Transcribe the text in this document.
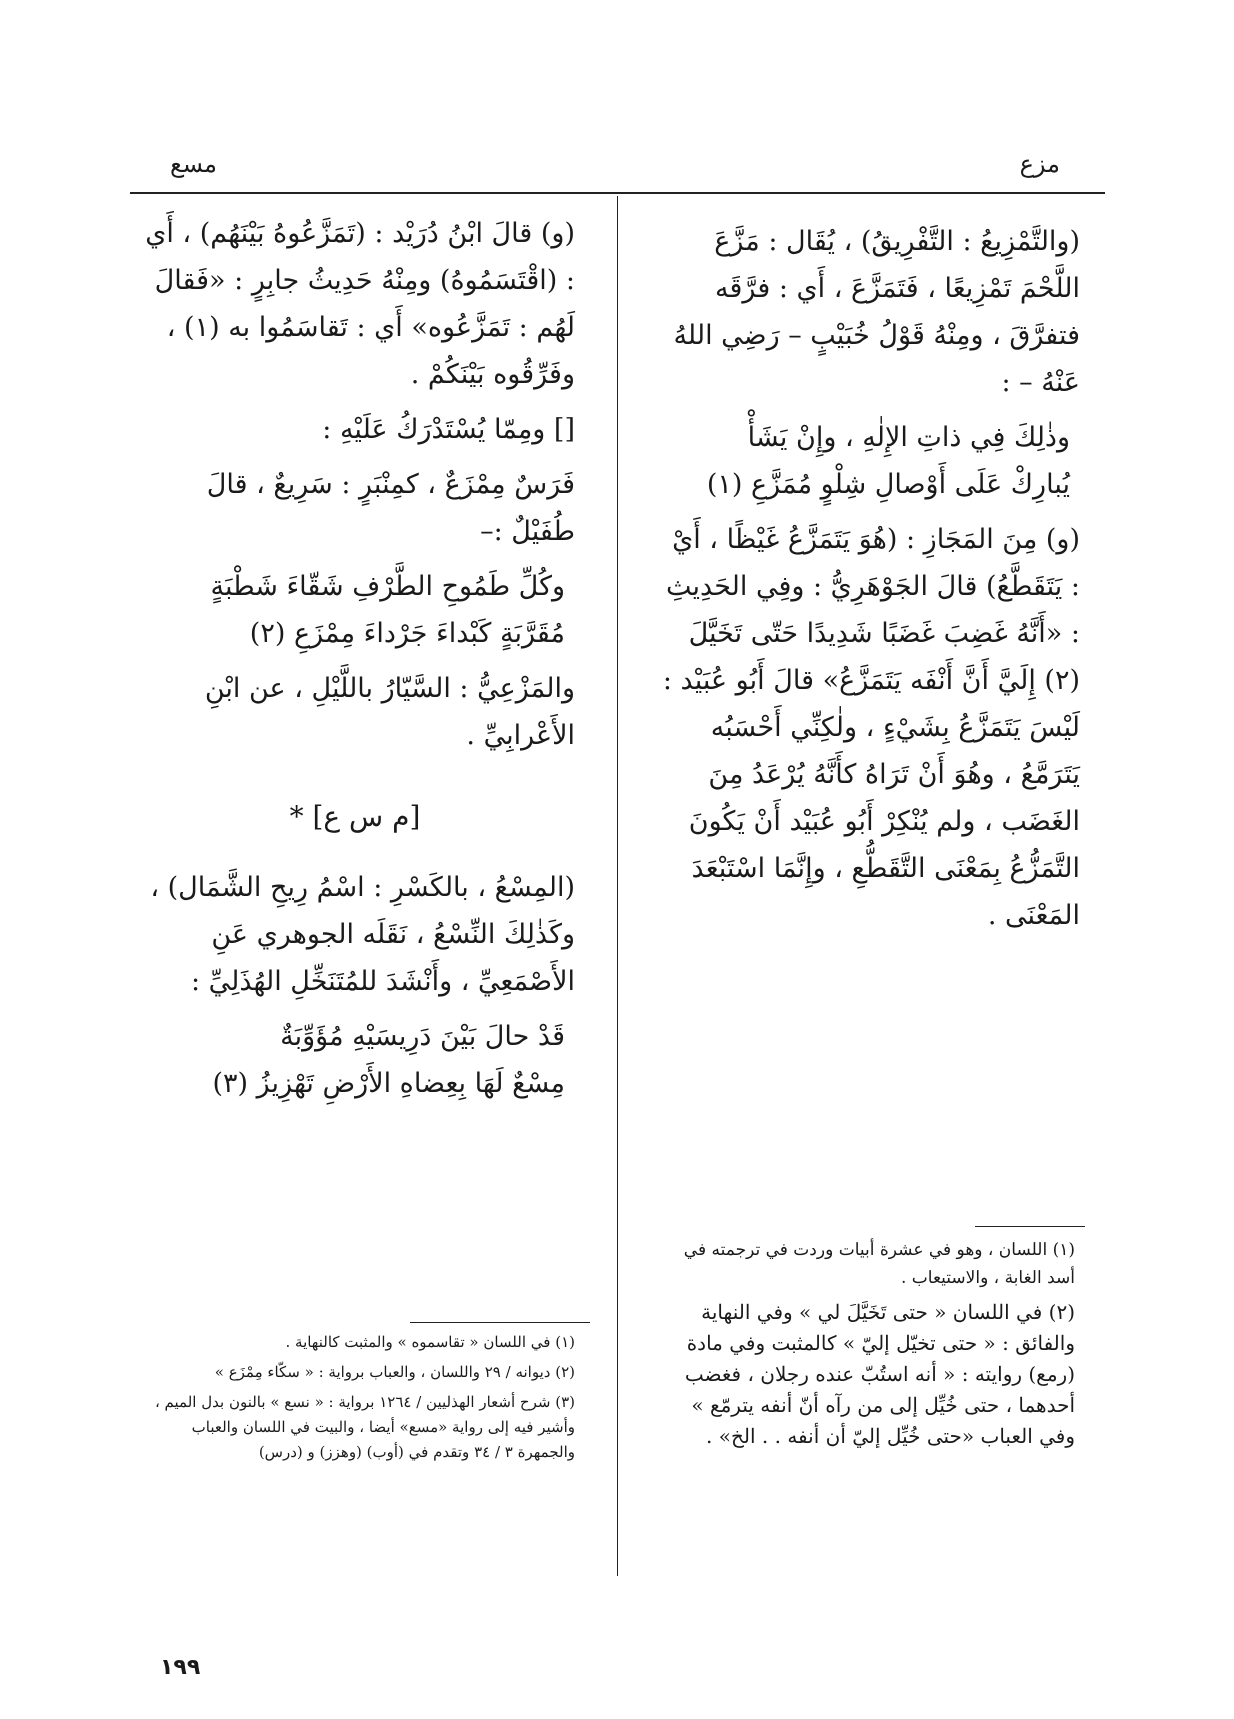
مزع
مسع

(والتَّمْزِيعُ : التَّفْرِيقُ) ، يُقَال : مَزَّعَ اللَّحْمَ تَمْزِيعًا ، فَتَمَزَّعَ ، أَي : فرَّقَه فتفرَّقَ ، ومِنْهُ قَوْلُ خُبَيْبٍ – رَضِي اللهُ عَنْهُ – :

وذٰلِكَ فِي ذاتِ الإِلٰهِ ، وإِنْ يَشَأْ
يُبارِكْ عَلَى أَوْصالِ شِلْوٍ مُمَزَّعِ (١)

(و) مِنَ المَجَازِ : (هُوَ يَتَمَزَّعُ غَيْظًا ، أَيْ : يَتَقَطَّعُ) قالَ الجَوْهَرِيُّ : وفِي الحَدِيثِ : «أَنَّهُ غَضِبَ غَضَبًا شَدِيدًا حَتّى تَخَيَّلَ (٢) إِلَيَّ أَنَّ أَنْفَه يَتَمَزَّعُ» قالَ أَبُو عُبَيْد : لَيْسَ يَتَمَزَّعُ بِشَيْءٍ ، ولٰكِنِّي أَحْسَبُه يَتَرَمَّعُ ، وهُوَ أَنْ تَرَاهُ كأَنَّهُ يُرْعَدُ مِنَ الغَضَب ، ولم يُنْكِرْ أَبُو عُبَيْد أَنْ يَكُونَ التَّمَزُّعُ بِمَعْنَى التَّقَطُّعِ ، وإِنَّمَا اسْتَبْعَدَ المَعْنَى .

(و) قالَ ابْنُ دُرَيْد : (تَمَزَّعُوهُ بَيْنَهُم) ، أَي : (اقْتَسَمُوهُ) ومِنْهُ حَدِيثُ جابِرٍ : «فَقالَ لَهُم : تَمَزَّعُوه» أَي : تَقاسَمُوا به (١) ، وفَرِّقُوه بَيْنَكُمْ .

[] ومِمّا يُسْتَدْرَكُ عَلَيْهِ :

فَرَسٌ مِمْزَعٌ ، كمِنْبَرٍ : سَرِيعٌ ، قالَ طُفَيْلٌ :–

وكُلِّ طَمُوحِ الطَّرْفِ شَقّاءَ شَطْبَةٍ
مُقَرَّبَةٍ كَبْداءَ جَرْداءَ مِمْزَعِ (٢)

والمَزْعِيُّ : السَّيّارُ باللَّيْلِ ، عن ابْنِ الأَعْرابِيِّ .

[م س ع] *

(المِسْعُ ، بالكَسْرِ : اسْمُ رِيحِ الشَّمَال) ، وكَذٰلِكَ النِّسْعُ ، نَقَلَه الجوهري عَنِ الأَصْمَعِيِّ ، وأَنْشَدَ للمُتَنَخِّلِ الهُذَلِيِّ :

قَدْ حالَ بَيْنَ دَرِيسَيْهِ مُؤَوِّبَةٌ
مِسْعٌ لَهَا بِعِضاهِ الأَرْضِ تَهْزِيزُ (٣)

(١) اللسان ، وهو في عشرة أبيات وردت في ترجمته في أسد الغابة ، والاستيعاب .

(٢) في اللسان « حتى تَخَيَّلَ لي » وفي النهاية والفائق : « حتى تخيّل إليّ » كالمثبت وفي مادة (رمع) روايته : « أنه استُبّ عنده رجلان ، فغضب أحدهما ، حتى خُيِّل إلى من رآه أنّ أنفه يترمّع » وفي العباب «حتى خُيِّل إليّ أن أنفه . . الخ» .

(١) في اللسان « تقاسموه » والمثبت كالنهاية .

(٢) ديوانه / ٢٩ واللسان ، والعباب برواية : « سكّاء مِمْزَع »

(٣) شرح أشعار الهذليين / ١٢٦٤ برواية : « نسع » بالنون بدل الميم ، وأشير فيه إلى رواية «مسع» أيضا ، والبيت في اللسان والعباب والجمهرة ٣ / ٣٤ وتقدم في (أوب) (وهزز) و (درس)

١٩٩
